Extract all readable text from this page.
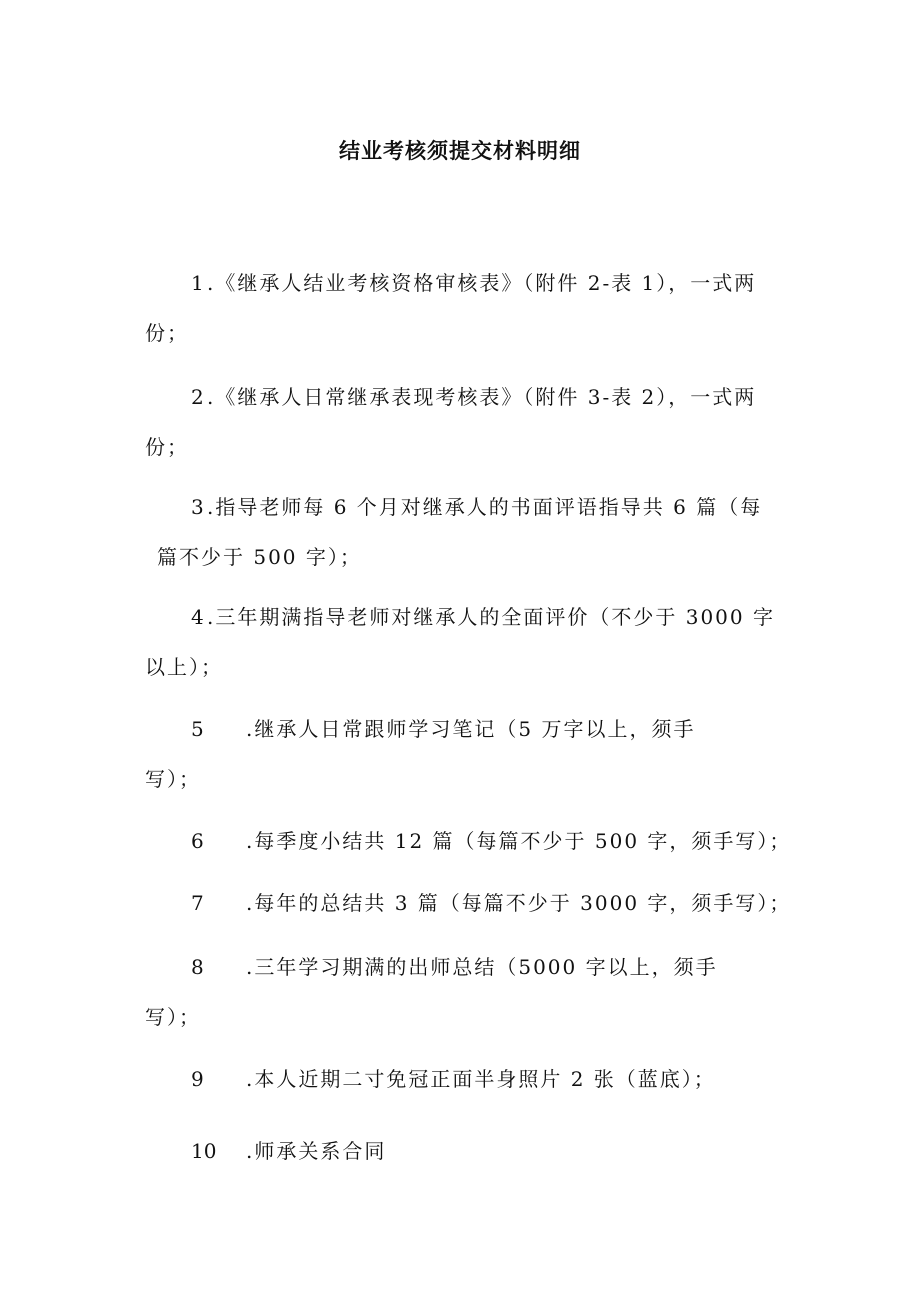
结业考核须提交材料明细
1 .《继承人结业考核资格审核表》（附件 2-表 1），一式两
份；
2 .《继承人日常继承表现考核表》（附件 3-表 2），一式两
份；
3 .指导老师每 6 个月对继承人的书面评语指导共 6 篇（每
篇不少于 500 字）；
4 .三年期满指导老师对继承人的全面评价（不少于 3000 字
以上）；
5 .继承人日常跟师学习笔记（5 万字以上，须手
写）；
6 .每季度小结共 12 篇（每篇不少于 500 字，须手写）；
7 .每年的总结共 3 篇（每篇不少于 3000 字，须手写）；
8 .三年学习期满的出师总结（5000 字以上，须手
写）；
9 .本人近期二寸免冠正面半身照片 2 张（蓝底）；
10 .师承关系合同
